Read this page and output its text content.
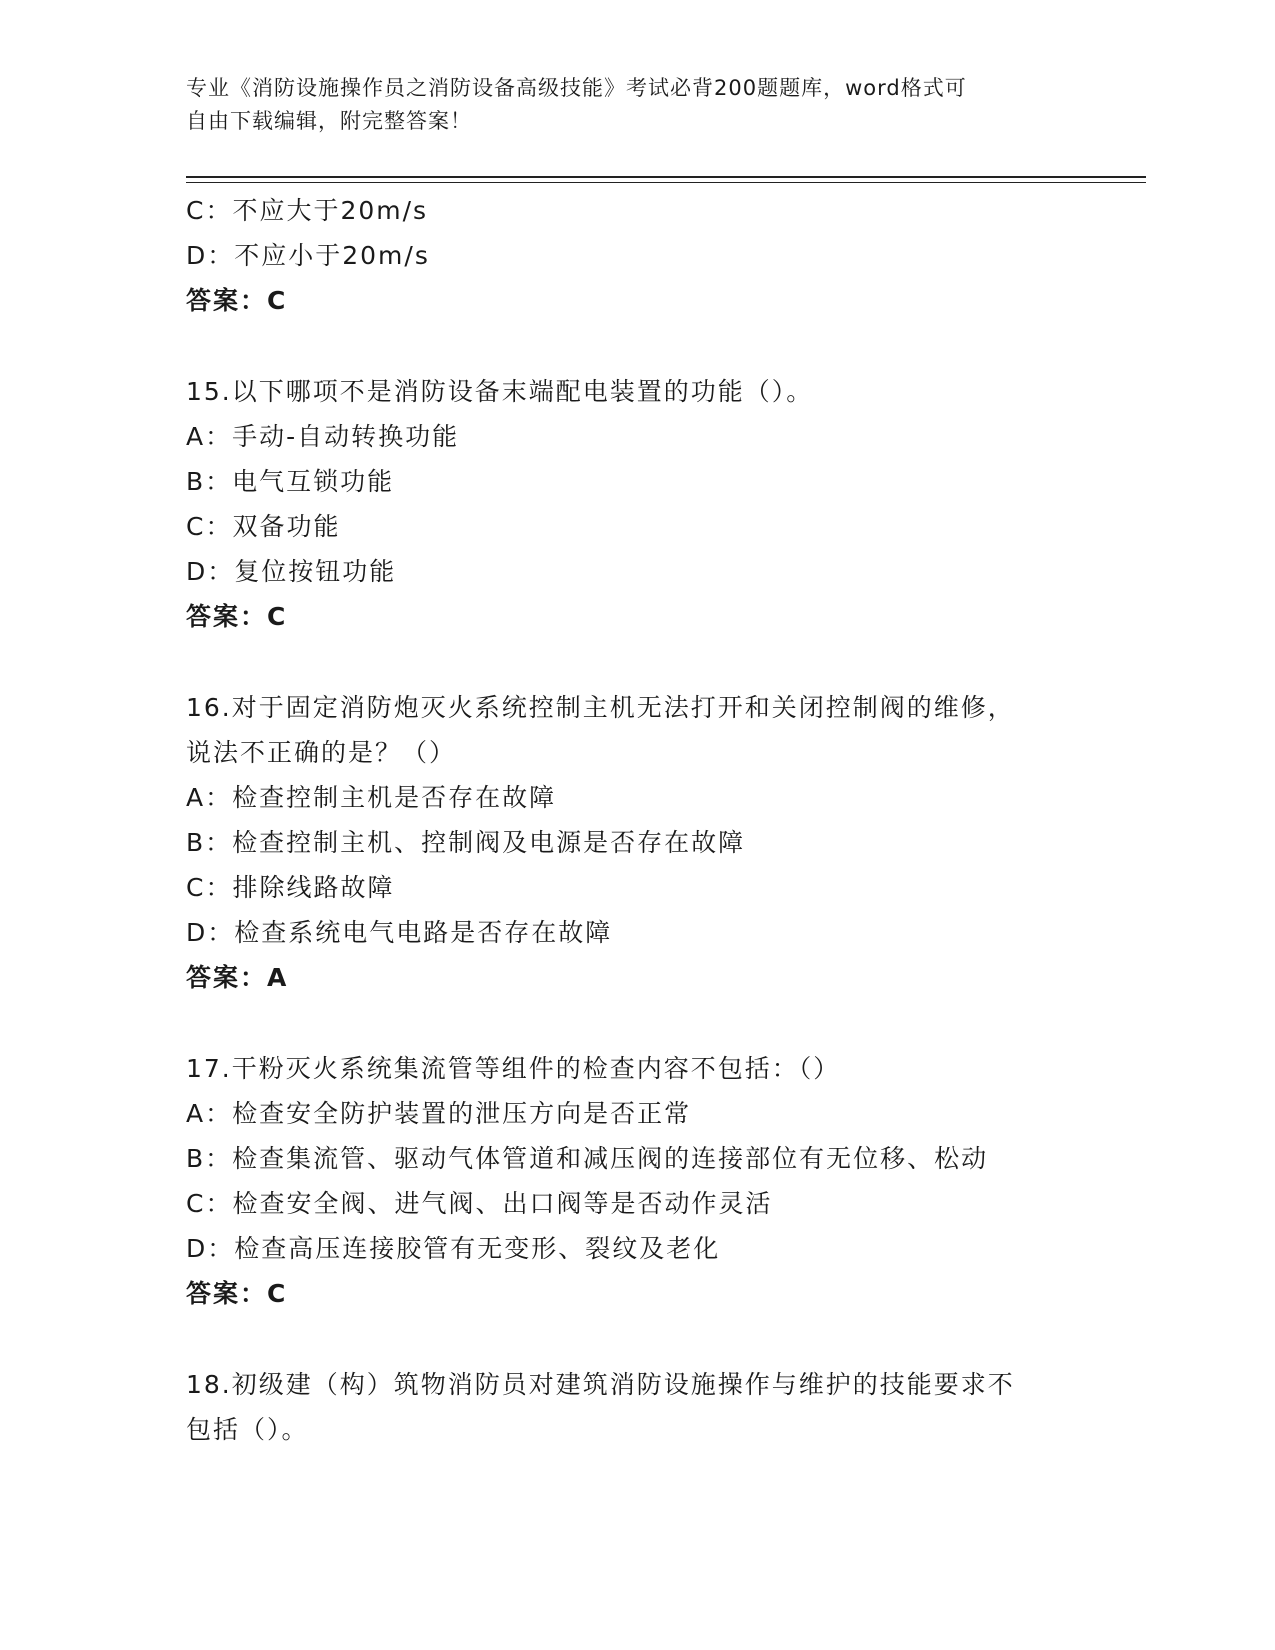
专业《消防设施操作员之消防设备高级技能》考试必背200题题库，word格式可
自由下载编辑，附完整答案！
C：不应大于20m/s
D：不应小于20m/s
答案：C
15.以下哪项不是消防设备末端配电装置的功能（）。
A：手动-自动转换功能
B：电气互锁功能
C：双备功能
D：复位按钮功能
答案：C
16.对于固定消防炮灭火系统控制主机无法打开和关闭控制阀的维修，
说法不正确的是？（）
A：检查控制主机是否存在故障
B：检查控制主机、控制阀及电源是否存在故障
C：排除线路故障
D：检查系统电气电路是否存在故障
答案：A
17.干粉灭火系统集流管等组件的检查内容不包括：（）
A：检查安全防护装置的泄压方向是否正常
B：检查集流管、驱动气体管道和减压阀的连接部位有无位移、松动
C：检查安全阀、进气阀、出口阀等是否动作灵活
D：检查高压连接胶管有无变形、裂纹及老化
答案：C
18.初级建（构）筑物消防员对建筑消防设施操作与维护的技能要求不
包括（）。
